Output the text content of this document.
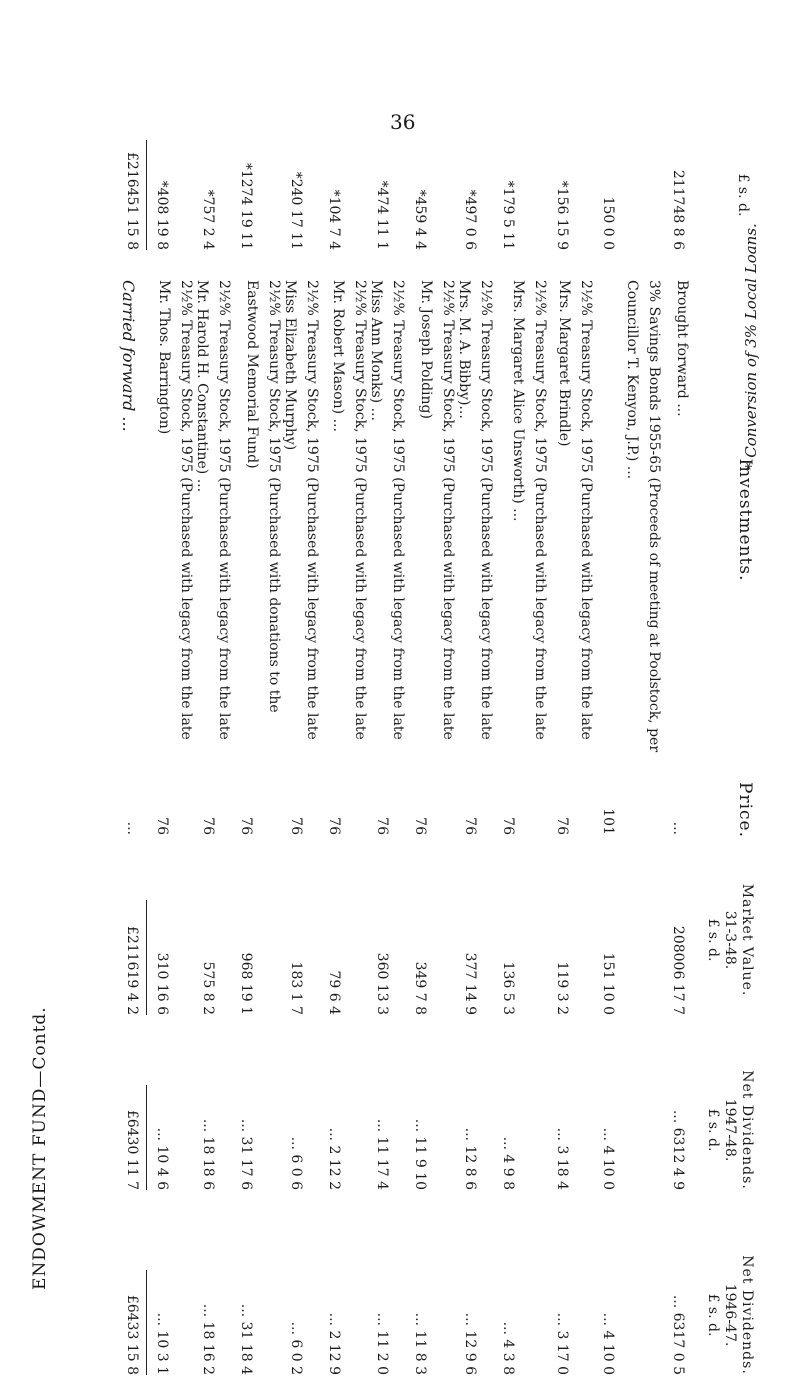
36
ENDOWMENT FUND—Contd.
£ s. d.
Investments.
Price.
Market Value.
31-3-48.
£ s. d.
Net Dividends.
1947-48.
£ s. d.
Net Dividends.
1946-47.
£ s. d.
211748 8 6
Brought forward ...
...
208006 17 7
... 6312 4 9
... 6317 0 5
150 0 0
3% Savings Bonds 1955-65 (Proceeds of meeting at Poolstock, per Councillor T. Kenyon, J.P.) ...
101
151 10 0
... 4 10 0
... 4 10 0
*156 15 9
2½% Treasury Stock, 1975 (Purchased with legacy from the late Mrs. Margaret Brindle)
76
119 3 2
... 3 18 4
... 3 17 0
*179 5 11
2½% Treasury Stock, 1975 (Purchased with legacy from the late Mrs. Margaret Alice Unsworth) ...
76
136 5 3
... 4 9 8
... 4 3 8
*497 0 6
2½% Treasury Stock, 1975 (Purchased with legacy from the late Mrs. M. A. Bibby)...
76
377 14 9
... 12 8 6
... 12 9 6
*459 4 4
2½% Treasury Stock, 1975 (Purchased with legacy from the late Mr. Joseph Polding)
76
349 7 8
... 11 9 10
... 11 8 3
*474 11 1
2½% Treasury Stock, 1975 (Purchased with legacy from the late Miss Ann Monks) ...
76
360 13 3
... 11 17 4
... 11 2 0
*104 7 4
2½% Treasury Stock, 1975 (Purchased with legacy from the late Mr. Robert Mason) ...
76
79 6 4
... 2 12 2
... 2 12 9
*240 17 11
2½% Treasury Stock, 1975 (Purchased with legacy from the late Miss Elizabeth Murphy)
76
183 1 7
... 6 0 6
... 6 0 2
*1274 19 11
2½% Treasury Stock, 1975 (Purchased with donations to the Eastwood Memorial Fund)
76
968 19 1
... 31 17 6
... 31 18 4
*757 2 4
2½% Treasury Stock, 1975 (Purchased with legacy from the late Mr. Harold H. Constantine) ...
76
575 8 2
... 18 18 6
... 18 16 2
*408 19 8
2½% Treasury Stock, 1975 (Purchased with legacy from the late Mr. Thos. Barrington)
76
310 16 6
... 10 4 6
... 10 3 1
£216451 15 8
Carried forward ...
...
£211619 4 2
£6430 11 7
£6433 15 8
* Conversion of 3% Local Loans.
